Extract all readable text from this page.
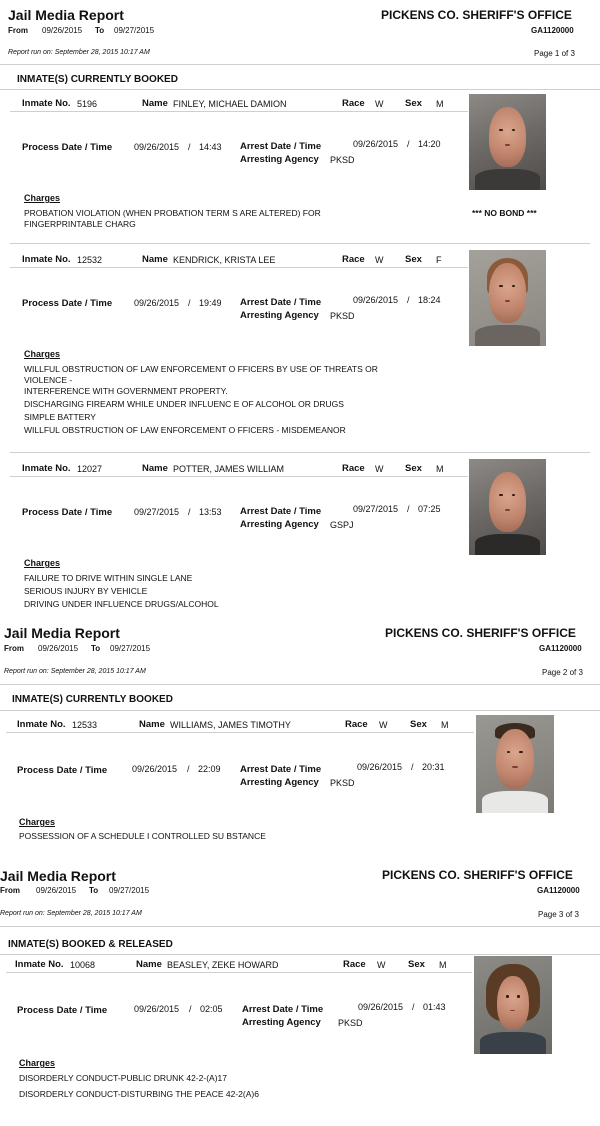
Jail Media Report
From 09/26/2015 To 09/27/2015
PICKENS CO. SHERIFF'S OFFICE
GA1120000
Report run on: September 28, 2015 10:17 AM	Page 1 of 3
INMATE(S) CURRENTLY BOOKED
Inmate No. 5196	Name FINLEY, MICHAEL DAMION	Race W Sex M
Process Date / Time 09/26/2015 / 14:43 Arrest Date / Time	09/26/2015 / 14:20
Arresting Agency PKSD
Charges
PROBATION VIOLATION (WHEN PROBATION TERM S ARE ALTERED) FOR
FINGERPRINTABLE CHARG
*** NO BOND ***
Inmate No. 12532	Name KENDRICK, KRISTA LEE	Race W Sex F
Process Date / Time 09/26/2015 / 19:49 Arrest Date / Time	09/26/2015 / 18:24
Arresting Agency PKSD
Charges
WILLFUL OBSTRUCTION OF LAW ENFORCEMENT O FFICERS BY USE OF THREATS OR
VIOLENCE -
INTERFERENCE WITH GOVERNMENT PROPERTY.
DISCHARGING FIREARM WHILE UNDER INFLUENC E OF ALCOHOL OR DRUGS
SIMPLE BATTERY
WILLFUL OBSTRUCTION OF LAW ENFORCEMENT O FFICERS - MISDEMEANOR
Inmate No. 12027	Name POTTER, JAMES WILLIAM	Race W Sex M
Process Date / Time 09/27/2015 / 13:53 Arrest Date / Time	09/27/2015 / 07:25
Arresting Agency GSPJ
Charges
FAILURE TO DRIVE WITHIN SINGLE LANE
SERIOUS INJURY BY VEHICLE
DRIVING UNDER INFLUENCE DRUGS/ALCOHOL
Jail Media Report
From 09/26/2015 To 09/27/2015
PICKENS CO. SHERIFF'S OFFICE
GA1120000
Report run on: September 28, 2015 10:17 AM	Page 2 of 3
INMATE(S) CURRENTLY BOOKED
Inmate No. 12533	Name WILLIAMS, JAMES TIMOTHY	Race W Sex M
Process Date / Time	09/26/2015 / 22:09 Arrest Date / Time	09/26/2015 / 20:31
Arresting Agency PKSD
Charges
POSSESSION OF A SCHEDULE I CONTROLLED SU BSTANCE
Jail Media Report
From 09/26/2015 To 09/27/2015
PICKENS CO. SHERIFF'S OFFICE
GA1120000
Report run on: September 28, 2015 10:17 AM	Page 3 of 3
INMATE(S) BOOKED & RELEASED
Inmate No. 10068	Name BEASLEY, ZEKE HOWARD	Race W Sex M
Process Date / Time	09/26/2015 / 02:05 Arrest Date / Time	09/26/2015 / 01:43
Arresting Agency PKSD
Charges
DISORDERLY CONDUCT-PUBLIC DRUNK 42-2-(A)17
DISORDERLY CONDUCT-DISTURBING THE PEACE 42-2(A)6
